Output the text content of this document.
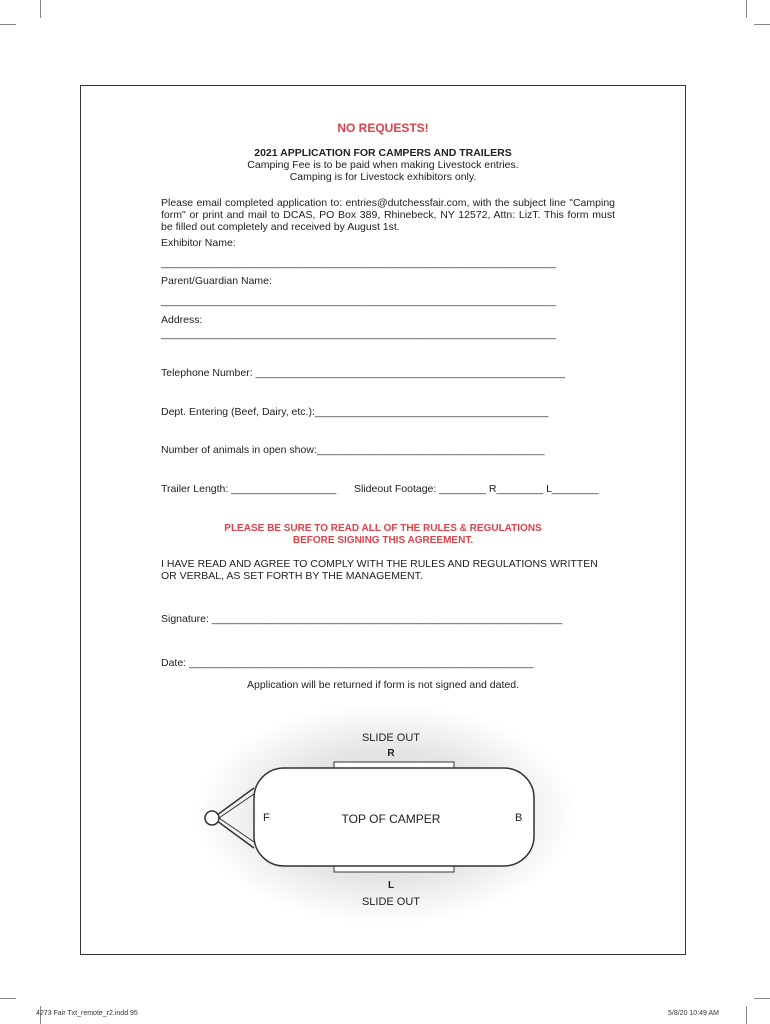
NO REQUESTS!
2021 APPLICATION FOR CAMPERS AND TRAILERS
Camping Fee is to be paid when making Livestock entries.
Camping is for Livestock exhibitors only.
Please email completed application to: entries@dutchessfair.com, with the subject line "Camping form" or print and mail to DCAS, PO Box 389, Rhinebeck, NY 12572, Attn: LizT. This form must be filled out completely and received by August 1st.
Exhibitor Name:
_______________________________________________________________________
Parent/Guardian Name:
_______________________________________________________________________
Address:
_______________________________________________________________________
Telephone Number: _____________________________________________________
Dept. Entering (Beef, Dairy, etc.):________________________________________
Number of animals in open show:_______________________________________
Trailer Length: __________________ Slideout Footage: ________ R________ L________
PLEASE BE SURE TO READ ALL OF THE RULES & REGULATIONS
BEFORE SIGNING THIS AGREEMENT.
I HAVE READ AND AGREE TO COMPLY WITH THE RULES AND REGULATIONS WRITTEN
OR VERBAL, AS SET FORTH BY THE MANAGEMENT.
Signature: ____________________________________________________________
Date: ___________________________________________________________
Application will be returned if form is not signed and dated.
SLIDE OUT
R
F	TOP OF CAMPER	B
L
SLIDE OUT
4273 Fair Txt_remote_r2.indd 95	5/8/20 10:49 AM
